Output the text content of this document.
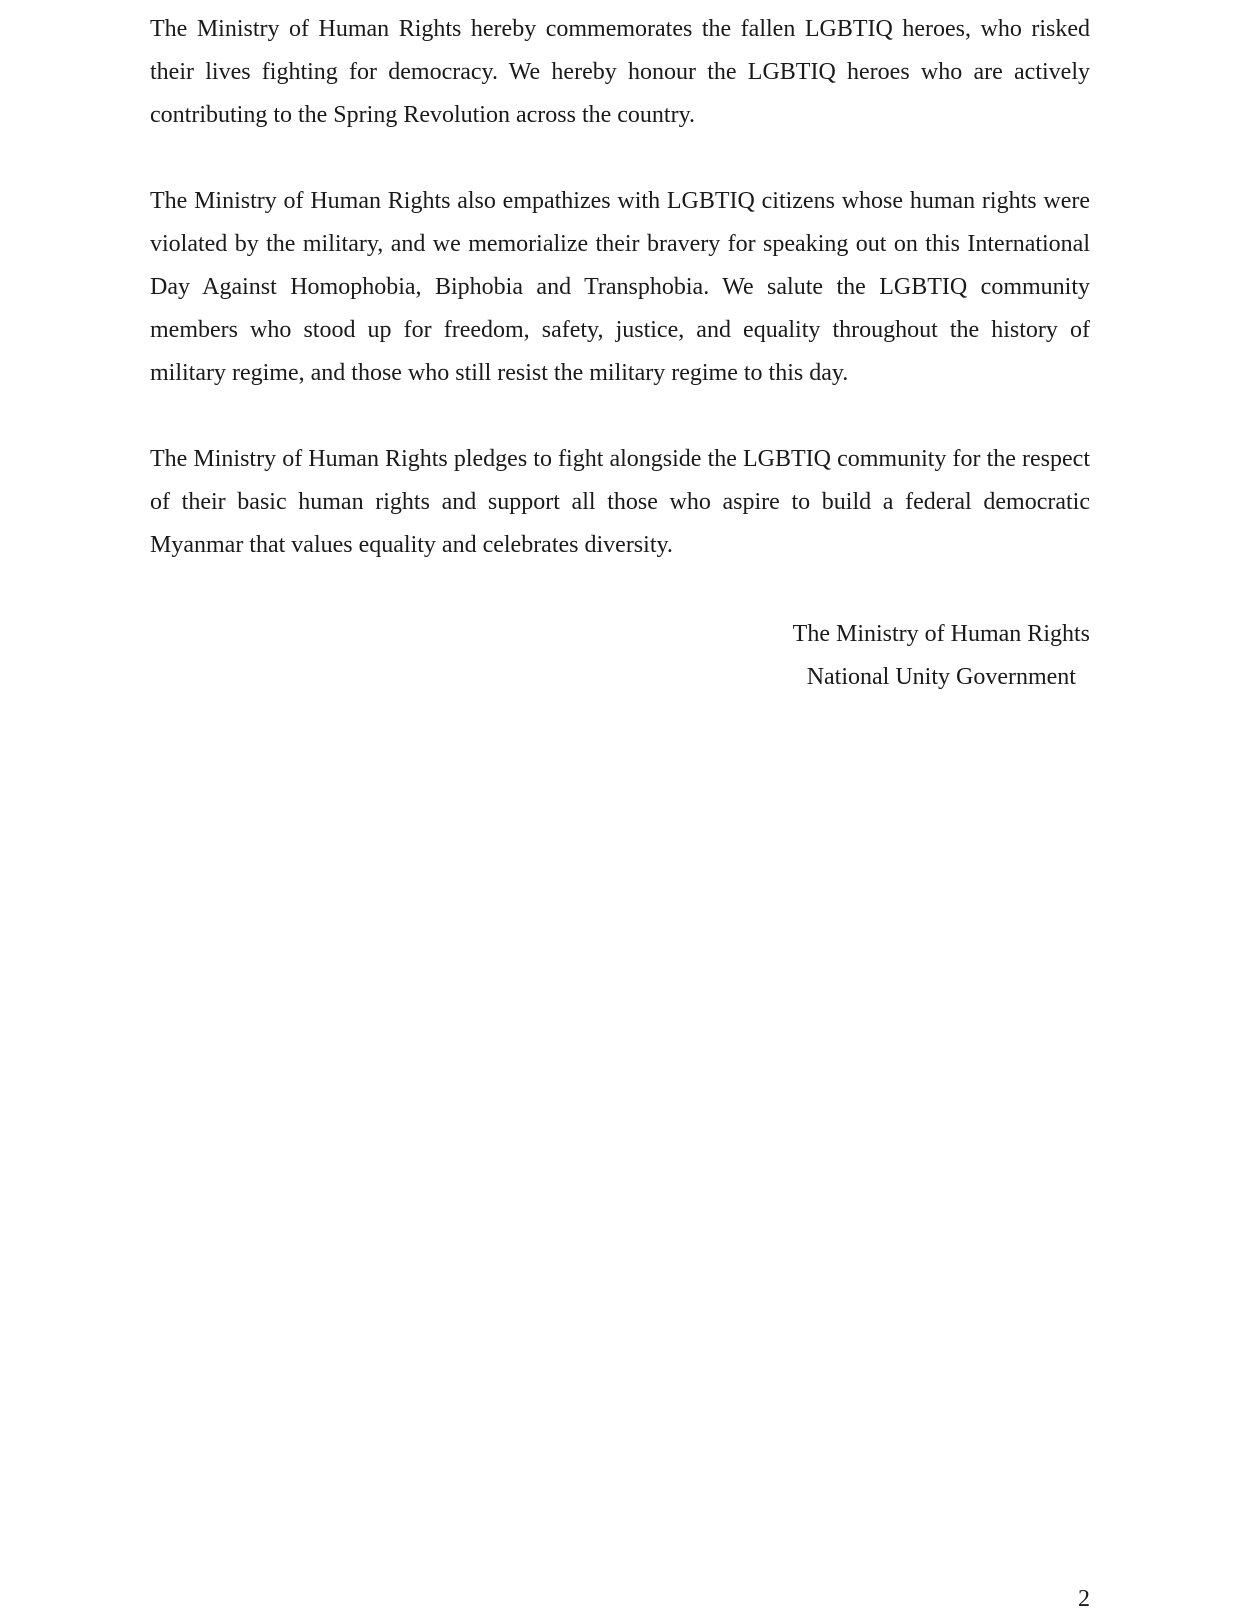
The Ministry of Human Rights hereby commemorates the fallen LGBTIQ heroes, who risked their lives fighting for democracy. We hereby honour the LGBTIQ heroes who are actively contributing to the Spring Revolution across the country.

The Ministry of Human Rights also empathizes with LGBTIQ citizens whose human rights were violated by the military, and we memorialize their bravery for speaking out on this International Day Against Homophobia, Biphobia and Transphobia. We salute the LGBTIQ community members who stood up for freedom, safety, justice, and equality throughout the history of military regime, and those who still resist the military regime to this day.

The Ministry of Human Rights pledges to fight alongside the LGBTIQ community for the respect of their basic human rights and support all those who aspire to build a federal democratic Myanmar that values equality and celebrates diversity.

The Ministry of Human Rights
National Unity Government
2
